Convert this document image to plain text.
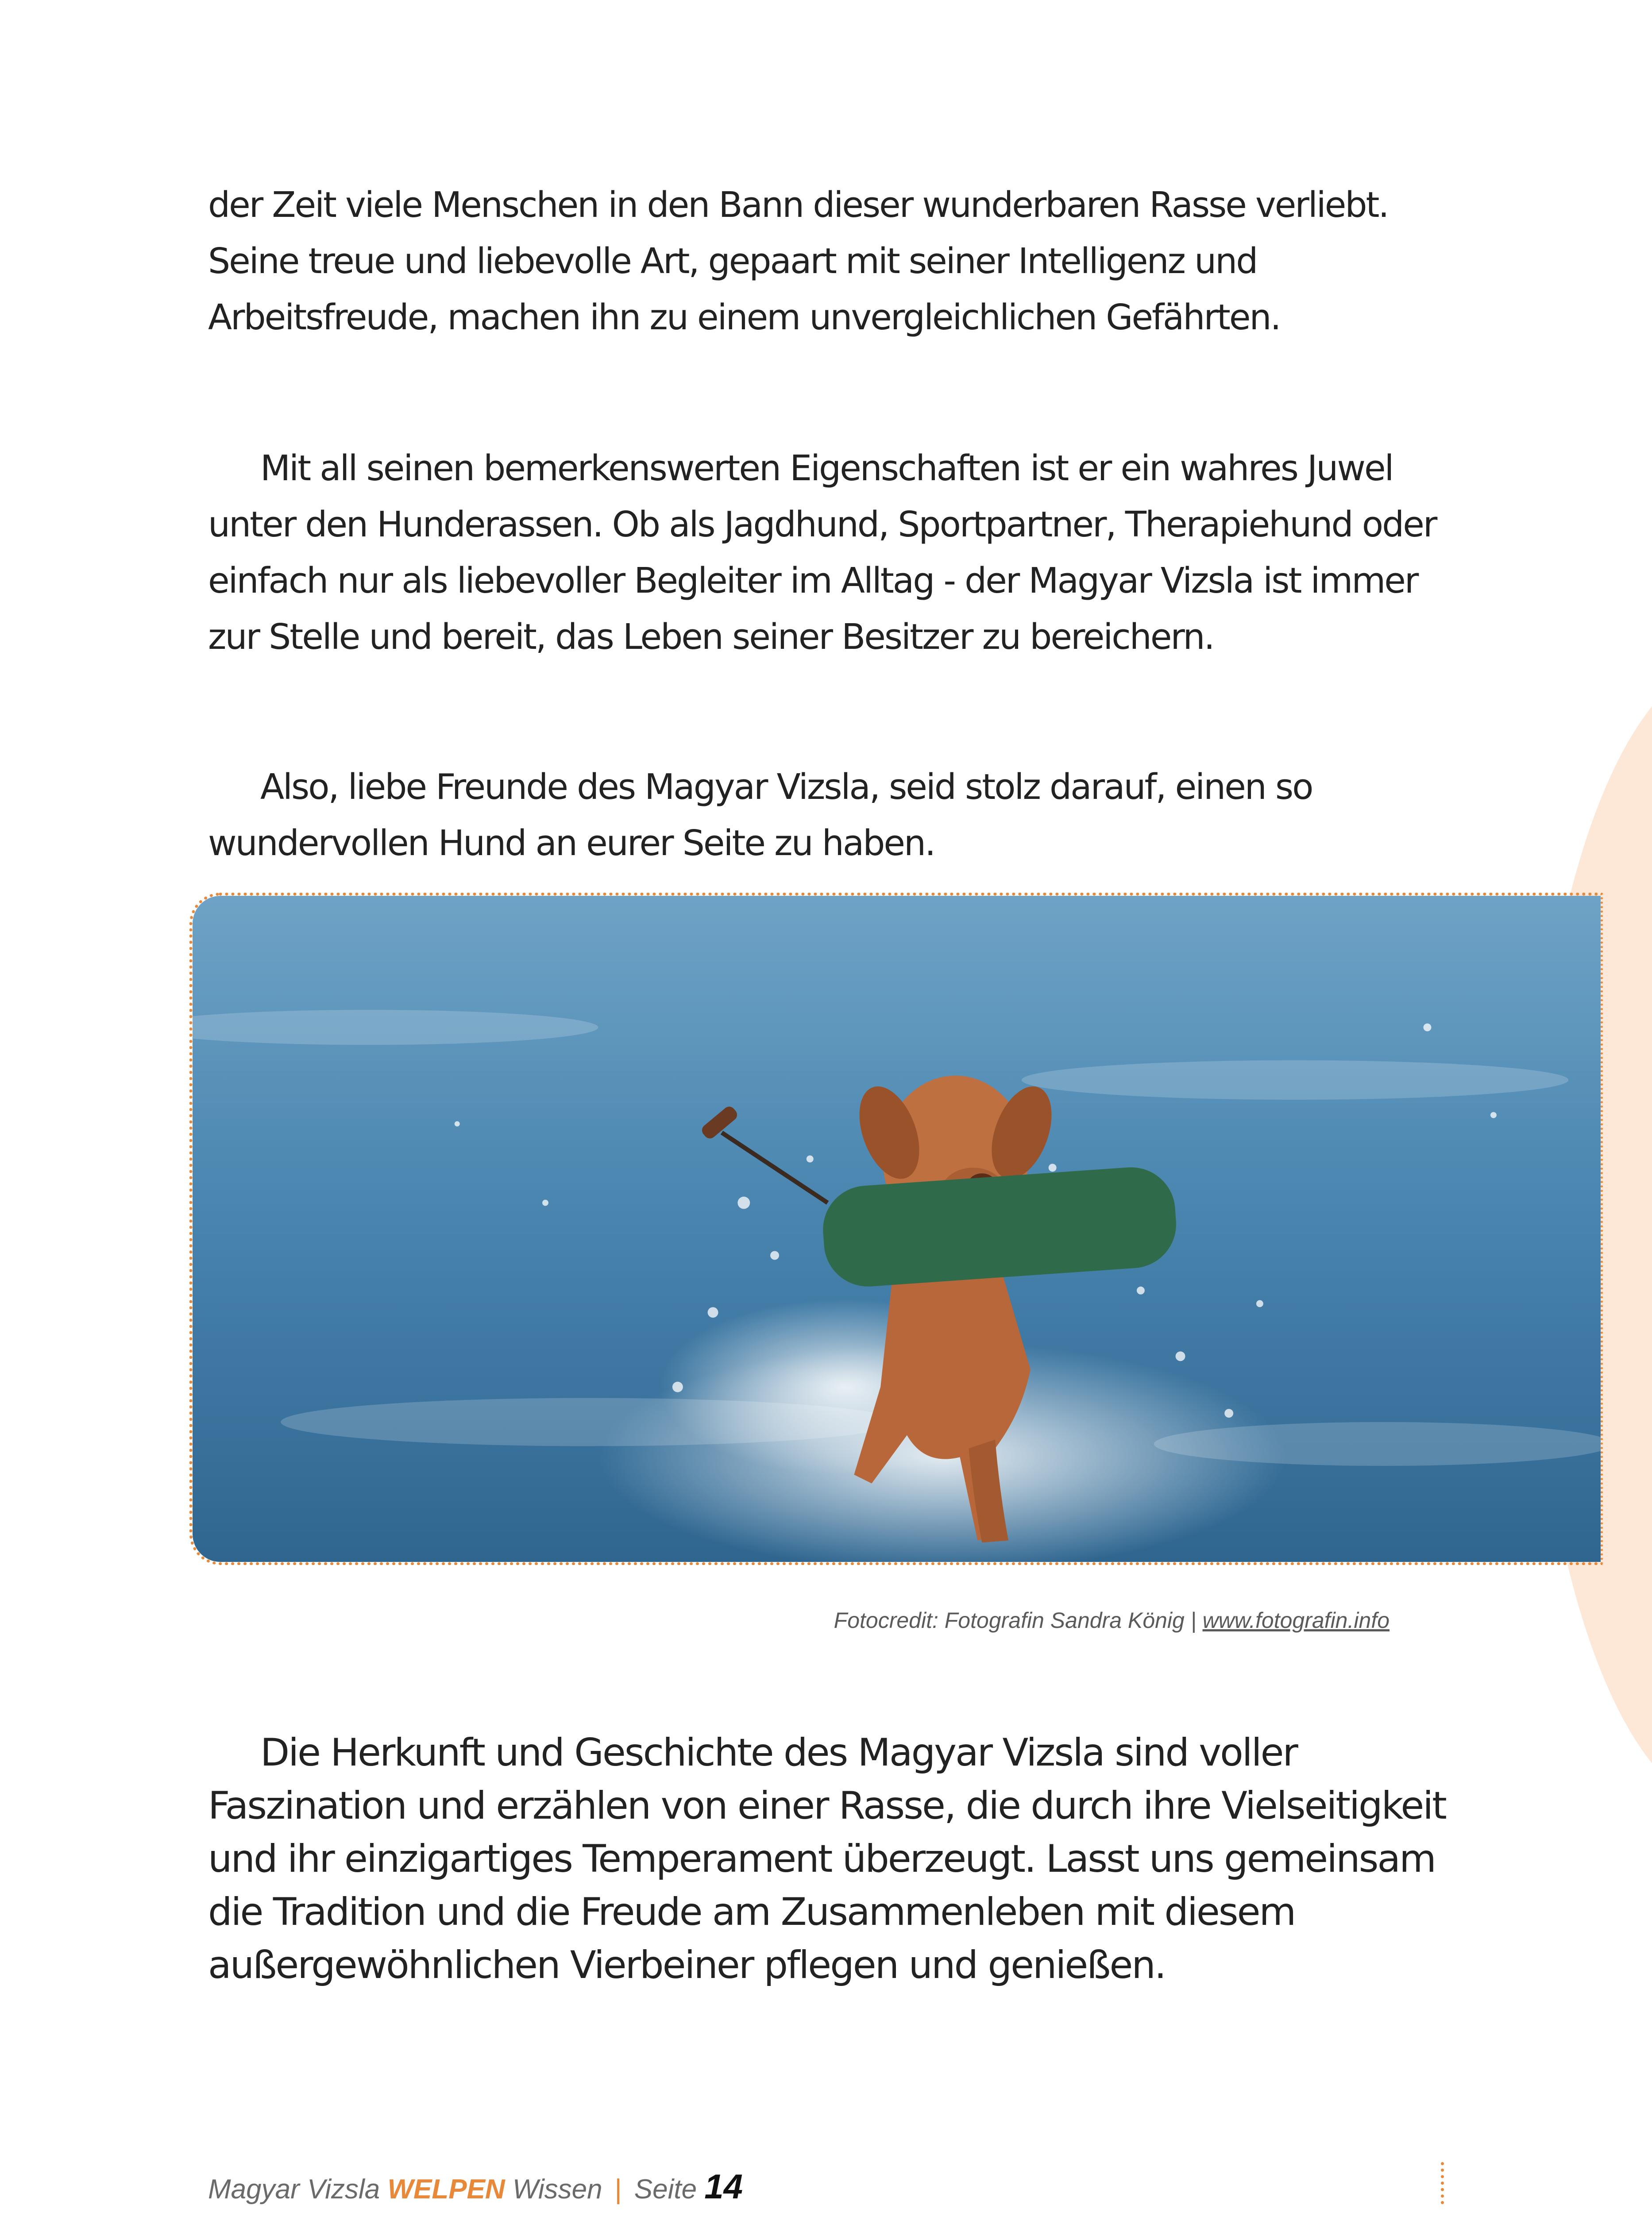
der Zeit viele Menschen in den Bann dieser wunderbaren Rasse verliebt. Seine treue und liebevolle Art, gepaart mit seiner Intelligenz und Arbeitsfreude, machen ihn zu einem unvergleichlichen Gefährten.

Mit all seinen bemerkenswerten Eigenschaften ist er ein wahres Juwel unter den Hunderassen. Ob als Jagdhund, Sportpartner, Therapiehund oder einfach nur als liebevoller Begleiter im Alltag - der Magyar Vizsla ist immer zur Stelle und bereit, das Leben seiner Besitzer zu bereichern.

Also, liebe Freunde des Magyar Vizsla, seid stolz darauf, einen so wundervollen Hund an eurer Seite zu haben.

Fotocredit: Fotografin Sandra König | www.fotografin.info

Die Herkunft und Geschichte des Magyar Vizsla sind voller Faszination und erzählen von einer Rasse, die durch ihre Vielseitigkeit und ihr einzigartiges Temperament überzeugt. Lasst uns gemeinsam die Tradition und die Freude am Zusammenleben mit diesem außergewöhnlichen Vierbeiner pflegen und genießen.

Magyar Vizsla WELPEN Wissen | Seite 14
